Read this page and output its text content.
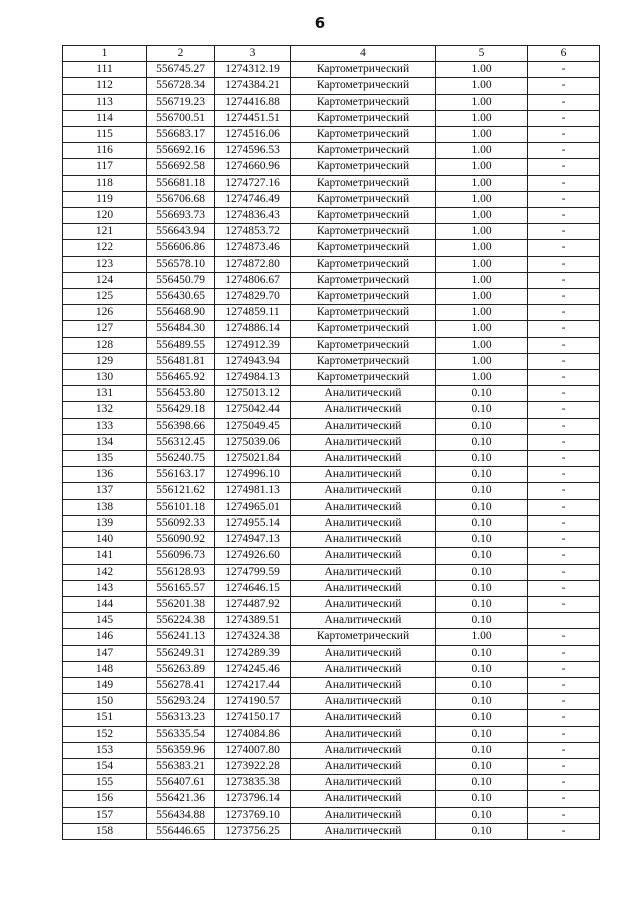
6
1	2	3	4	5	6
111	556745.27	1274312.19	Картометрический	1.00	-
112	556728.34	1274384.21	Картометрический	1.00	-
113	556719.23	1274416.88	Картометрический	1.00	-
114	556700.51	1274451.51	Картометрический	1.00	-
115	556683.17	1274516.06	Картометрический	1.00	-
116	556692.16	1274596.53	Картометрический	1.00	-
117	556692.58	1274660.96	Картометрический	1.00	-
118	556681.18	1274727.16	Картометрический	1.00	-
119	556706.68	1274746.49	Картометрический	1.00	-
120	556693.73	1274836.43	Картометрический	1.00	-
121	556643.94	1274853.72	Картометрический	1.00	-
122	556606.86	1274873.46	Картометрический	1.00	-
123	556578.10	1274872.80	Картометрический	1.00	-
124	556450.79	1274806.67	Картометрический	1.00	-
125	556430.65	1274829.70	Картометрический	1.00	-
126	556468.90	1274859.11	Картометрический	1.00	-
127	556484.30	1274886.14	Картометрический	1.00	-
128	556489.55	1274912.39	Картометрический	1.00	-
129	556481.81	1274943.94	Картометрический	1.00	-
130	556465.92	1274984.13	Картометрический	1.00	-
131	556453.80	1275013.12	Аналитический	0.10	-
132	556429.18	1275042.44	Аналитический	0.10	-
133	556398.66	1275049.45	Аналитический	0.10	-
134	556312.45	1275039.06	Аналитический	0.10	-
135	556240.75	1275021.84	Аналитический	0.10	-
136	556163.17	1274996.10	Аналитический	0.10	-
137	556121.62	1274981.13	Аналитический	0.10	-
138	556101.18	1274965.01	Аналитический	0.10	-
139	556092.33	1274955.14	Аналитический	0.10	-
140	556090.92	1274947.13	Аналитический	0.10	-
141	556096.73	1274926.60	Аналитический	0.10	-
142	556128.93	1274799.59	Аналитический	0.10	-
143	556165.57	1274646.15	Аналитический	0.10	-
144	556201.38	1274487.92	Аналитический	0.10	-
145	556224.38	1274389.51	Аналитический	0.10	
146	556241.13	1274324.38	Картометрический	1.00	-
147	556249.31	1274289.39	Аналитический	0.10	-
148	556263.89	1274245.46	Аналитический	0.10	-
149	556278.41	1274217.44	Аналитический	0.10	-
150	556293.24	1274190.57	Аналитический	0.10	-
151	556313.23	1274150.17	Аналитический	0.10	-
152	556335.54	1274084.86	Аналитический	0.10	-
153	556359.96	1274007.80	Аналитический	0.10	-
154	556383.21	1273922.28	Аналитический	0.10	-
155	556407.61	1273835.38	Аналитический	0.10	-
156	556421.36	1273796.14	Аналитический	0.10	-
157	556434.88	1273769.10	Аналитический	0.10	-
158	556446.65	1273756.25	Аналитический	0.10	-
